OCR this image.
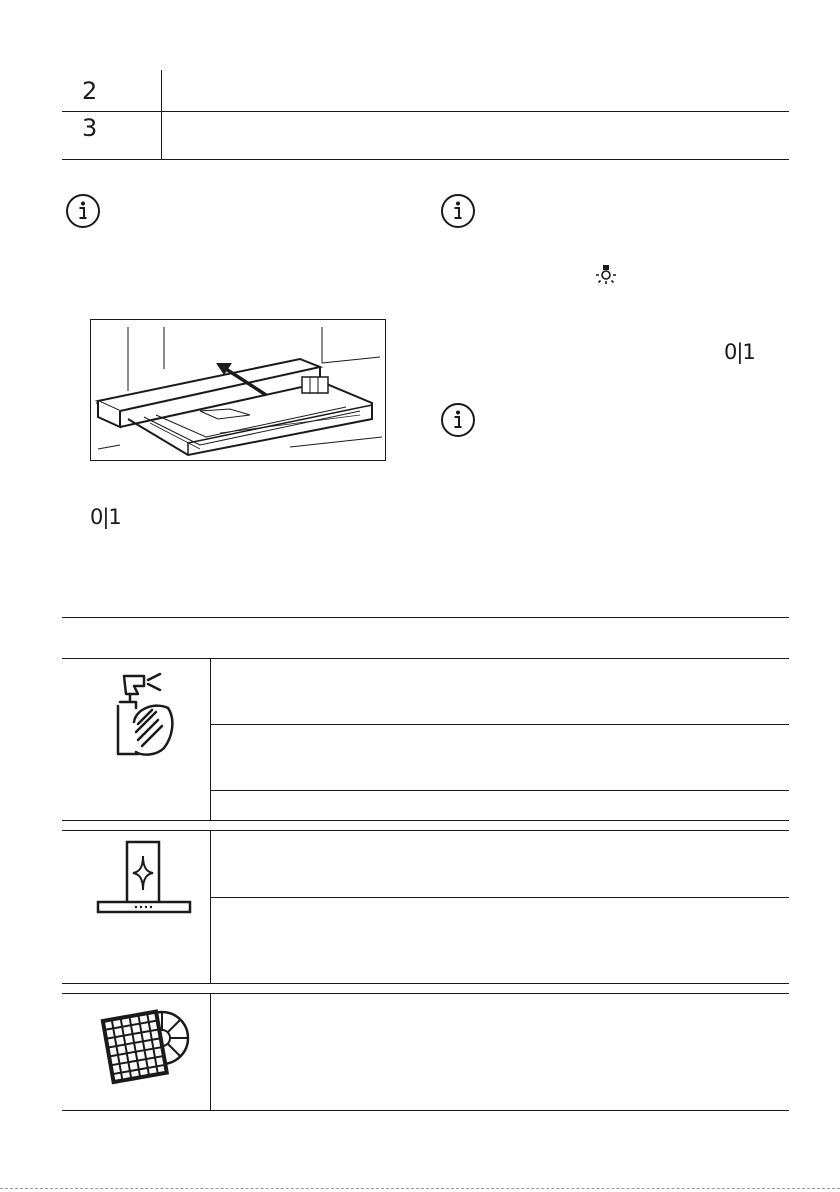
2
3
0|1
0|1
